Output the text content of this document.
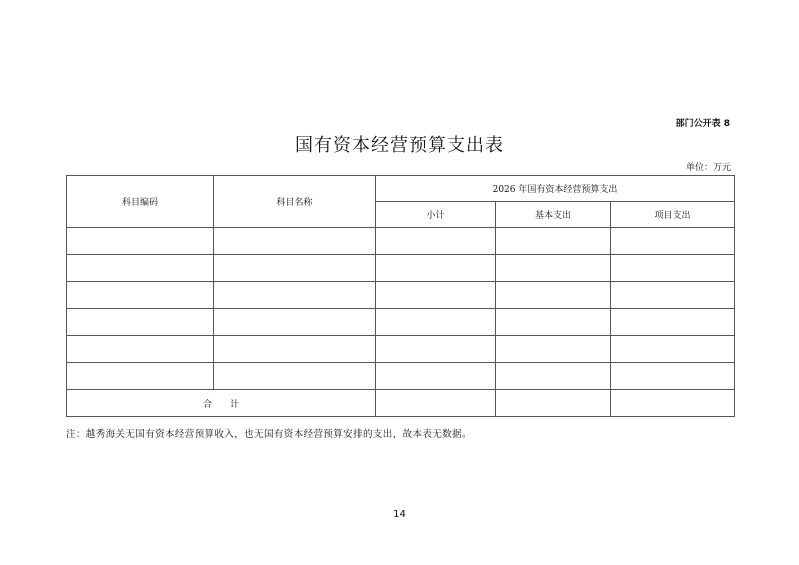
部门公开表 8
国有资本经营预算支出表
单位：万元
科目编码	科目名称	2026 年国有资本经营预算支出		
		小计	基本支出	项目支出

合计				
注：越秀海关无国有资本经营预算收入，也无国有资本经营预算安排的支出，故本表无数据。
14
